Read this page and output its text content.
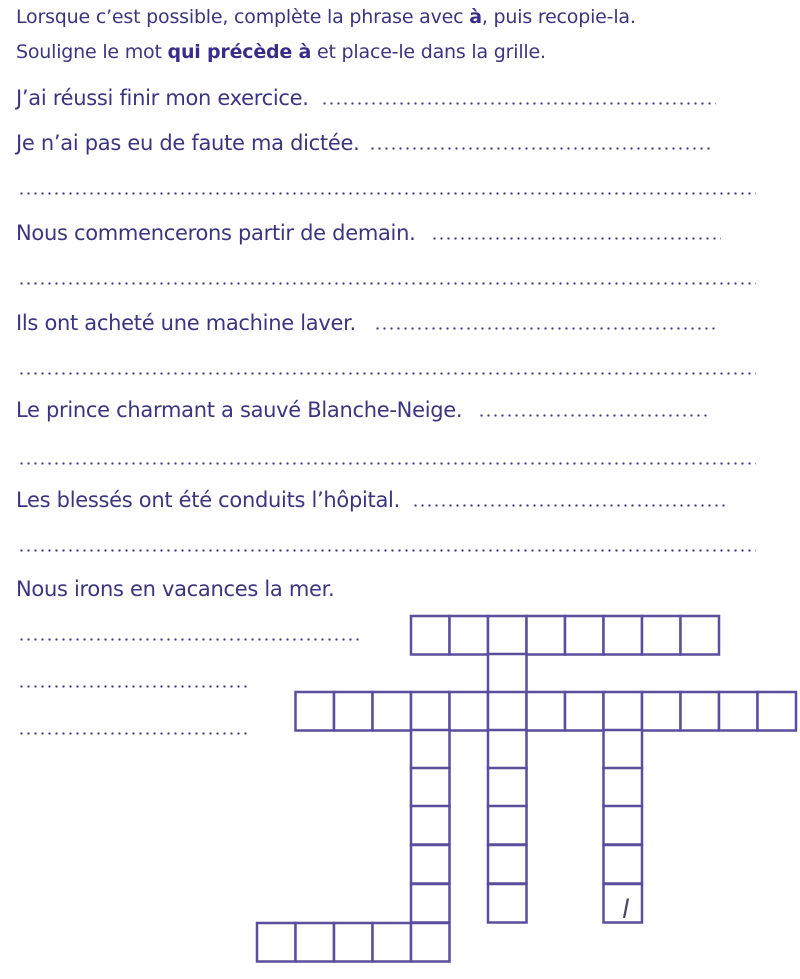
Lorsque c’est possible, complète la phrase avec à, puis recopie-la.
Souligne le mot qui précède à et place-le dans la grille.
J’ai réussi finir mon exercice.
Je n’ai pas eu de faute ma dictée.
Nous commencerons partir de demain.
Ils ont acheté une machine laver.
Le prince charmant a sauvé Blanche-Neige.
Les blessés ont été conduits l’hôpital.
Nous irons en vacances la mer.
l
